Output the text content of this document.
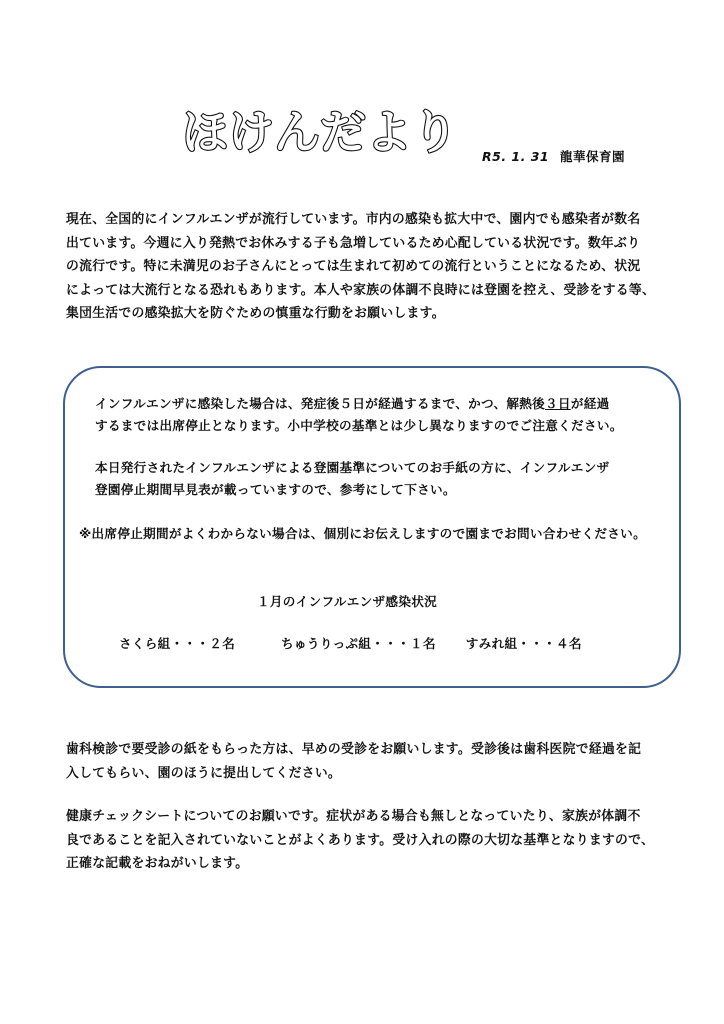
ほけんだより R5. 1. 31 龍華保育園
現在、全国的にインフルエンザが流行しています。市内の感染も拡大中で、園内でも感染者が数名
出ています。今週に入り発熱でお休みする子も急増しているため心配している状況です。数年ぶり
の流行です。特に未満児のお子さんにとっては生まれて初めての流行ということになるため、状況
によっては大流行となる恐れもあります。本人や家族の体調不良時には登園を控え、受診をする等、
集団生活での感染拡大を防ぐための慎重な行動をお願いします。
インフルエンザに感染した場合は、発症後５日が経過するまで、かつ、解熱後３日が経過
するまでは出席停止となります。小中学校の基準とは少し異なりますのでご注意ください。
本日発行されたインフルエンザによる登園基準についてのお手紙の方に、インフルエンザ
登園停止期間早見表が載っていますので、参考にして下さい。
※出席停止期間がよくわからない場合は、個別にお伝えしますので園までお問い合わせください。
１月のインフルエンザ感染状況
さくら組・・・２名	ちゅうりっぷ組・・・１名 すみれ組・・・４名
歯科検診で要受診の紙をもらった方は、早めの受診をお願いします。受診後は歯科医院で経過を記
入してもらい、園のほうに提出してください。
健康チェックシートについてのお願いです。症状がある場合も無しとなっていたり、家族が体調不
良であることを記入されていないことがよくあります。受け入れの際の大切な基準となりますので、
正確な記載をおねがいします。
